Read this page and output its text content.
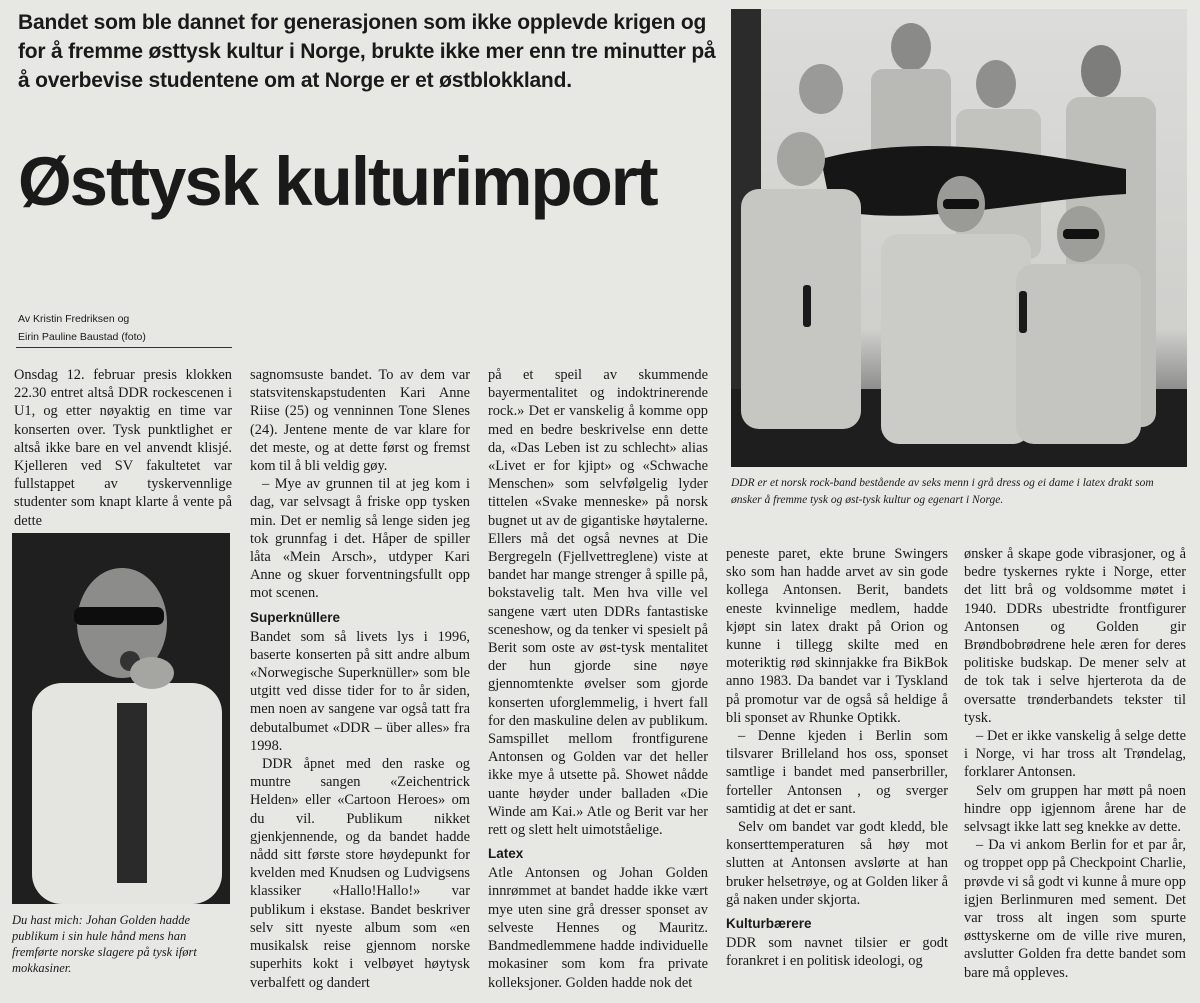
Bandet som ble dannet for generasjonen som ikke opplevde krigen og for å fremme østtysk kultur i Norge, brukte ikke mer enn tre minutter på å overbevise studentene om at Norge er et østblokkland.
Østtysk kulturimport
Av Kristin Fredriksen og
Eirin Pauline Baustad (foto)
DDR er et norsk rock-band bestående av seks menn i grå dress og ei dame i latex drakt som ønsker å fremme tysk og øst-tysk kultur og egenart i Norge.

Onsdag 12. februar presis klokken 22.30 entret altså DDR rockescenen i U1, og etter nøyaktig en time var konserten over. Tysk punktlighet er altså ikke bare en vel anvendt klisjé. Kjelleren ved SV fakultetet var fullstappet av tyskervennlige studenter som knapt klarte å vente på dette

Du hast mich: Johan Golden hadde publikum i sin hule hånd mens han fremførte norske slagere på tysk iført mokkasiner.

sagnomsuste bandet. To av dem var statsvitenskapstudenten Kari Anne Riise (25) og venninnen Tone Slenes (24). Jentene mente de var klare for det meste, og at dette først og fremst kom til å bli veldig gøy.

– Mye av grunnen til at jeg kom i dag, var selvsagt å friske opp tysken min. Det er nemlig så lenge siden jeg tok grunnfag i det. Håper de spiller låta «Mein Arsch», utdyper Kari Anne og skuer forventningsfullt opp mot scenen.

Superknüllere

Bandet som så livets lys i 1996, baserte konserten på sitt andre album «Norwegische Superknüller» som ble utgitt ved disse tider for to år siden, men noen av sangene var også tatt fra debutalbumet «DDR – über alles» fra 1998.

DDR åpnet med den raske og muntre sangen «Zeichentrick Helden» eller «Cartoon Heroes» om du vil. Publikum nikket gjenkjennende, og da bandet hadde nådd sitt første store høydepunkt for kvelden med Knudsen og Ludvigsens klassiker «Hallo!Hallo!» var publikum i ekstase. Bandet beskriver selv sitt nyeste album som «en musikalsk reise gjennom norske superhits kokt i velbøyet høytysk verbalfett og dandert

på et speil av skummende bayermentalitet og indoktrinerende rock.» Det er vanskelig å komme opp med en bedre beskrivelse enn dette da, «Das Leben ist zu schlecht» alias «Livet er for kjipt» og «Schwache Menschen» som selvfølgelig lyder tittelen «Svake menneske» på norsk bugnet ut av de gigantiske høytalerne. Ellers må det også nevnes at Die Bergregeln (Fjellvettreglene) viste at bandet har mange strenger å spille på, bokstavelig talt. Men hva ville vel sangene vært uten DDRs fantastiske sceneshow, og da tenker vi spesielt på Berit som oste av øst-tysk mentalitet der hun gjorde sine nøye gjennomtenkte øvelser som gjorde konserten uforglemmelig, i hvert fall for den maskuline delen av publikum. Samspillet mellom frontfigurene Antonsen og Golden var det heller ikke mye å utsette på. Showet nådde uante høyder under balladen «Die Winde am Kai.» Atle og Berit var her rett og slett helt uimotståelige.

Latex

Atle Antonsen og Johan Golden innrømmet at bandet hadde ikke vært mye uten sine grå dresser sponset av selveste Hennes og Mauritz. Bandmedlemmene hadde individuelle mokasiner som kom fra private kolleksjoner. Golden hadde nok det

peneste paret, ekte brune Swingers sko som han hadde arvet av sin gode kollega Antonsen. Berit, bandets eneste kvinnelige medlem, hadde kjøpt sin latex drakt på Orion og kunne i tillegg skilte med en moteriktig rød skinnjakke fra BikBok anno 1983. Da bandet var i Tyskland på promotur var de også så heldige å bli sponset av Rhunke Optikk.

– Denne kjeden i Berlin som tilsvarer Brilleland hos oss, sponset samtlige i bandet med panserbriller, forteller Antonsen , og sverger samtidig at det er sant.

Selv om bandet var godt kledd, ble konserttemperaturen så høy mot slutten at Antonsen avslørte at han bruker helsetrøye, og at Golden liker å gå naken under skjorta.

Kulturbærere

DDR som navnet tilsier er godt forankret i en politisk ideologi, og

ønsker å skape gode vibrasjoner, og å bedre tyskernes rykte i Norge, etter det litt brå og voldsomme møtet i 1940. DDRs ubestridte frontfigurer Antonsen og Golden gir Brøndbobrødrene hele æren for deres politiske budskap. De mener selv at de tok tak i selve hjerterota da de oversatte trønderbandets tekster til tysk.

– Det er ikke vanskelig å selge dette i Norge, vi har tross alt Trøndelag, forklarer Antonsen.

Selv om gruppen har møtt på noen hindre opp igjennom årene har de selvsagt ikke latt seg knekke av dette.

– Da vi ankom Berlin for et par år, og troppet opp på Checkpoint Charlie, prøvde vi så godt vi kunne å mure opp igjen Berlinmuren med sement. Det var tross alt ingen som spurte østtyskerne om de ville rive muren, avslutter Golden fra dette bandet som bare må oppleves.
